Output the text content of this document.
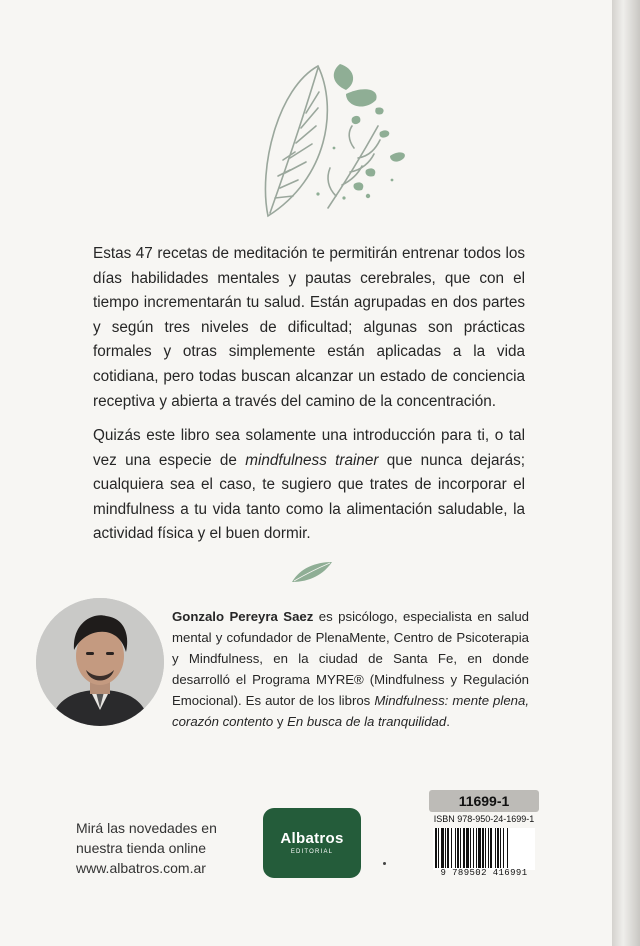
Estas 47 recetas de meditación te permitirán entrenar todos los días habilidades mentales y pautas cerebrales, que con el tiempo incrementarán tu salud. Están agrupadas en dos partes y según tres niveles de dificultad; algunas son prácticas formales y otras simplemente están aplicadas a la vida cotidiana, pero todas buscan alcanzar un estado de conciencia receptiva y abierta a través del camino de la concentración.

Quizás este libro sea solamente una introducción para ti, o tal vez una especie de mindfulness trainer que nunca dejarás; cualquiera sea el caso, te sugiero que trates de incorporar el mindfulness a tu vida tanto como la alimentación saludable, la actividad física y el buen dormir.

Gonzalo Pereyra Saez es psicólogo, especialista en salud mental y cofundador de PlenaMente, Centro de Psicoterapia y Mindfulness, en la ciudad de Santa Fe, en donde desarrolló el Programa MYRE® (Mindfulness y Regulación Emocional). Es autor de los libros Mindfulness: mente plena, corazón contento y En busca de la tranquilidad.

Mirá las novedades en
nuestra tienda online
www.albatros.com.ar

Albatros
EDITORIAL
11699-1
ISBN 978-950-24-1699-1
9 789502 416991
